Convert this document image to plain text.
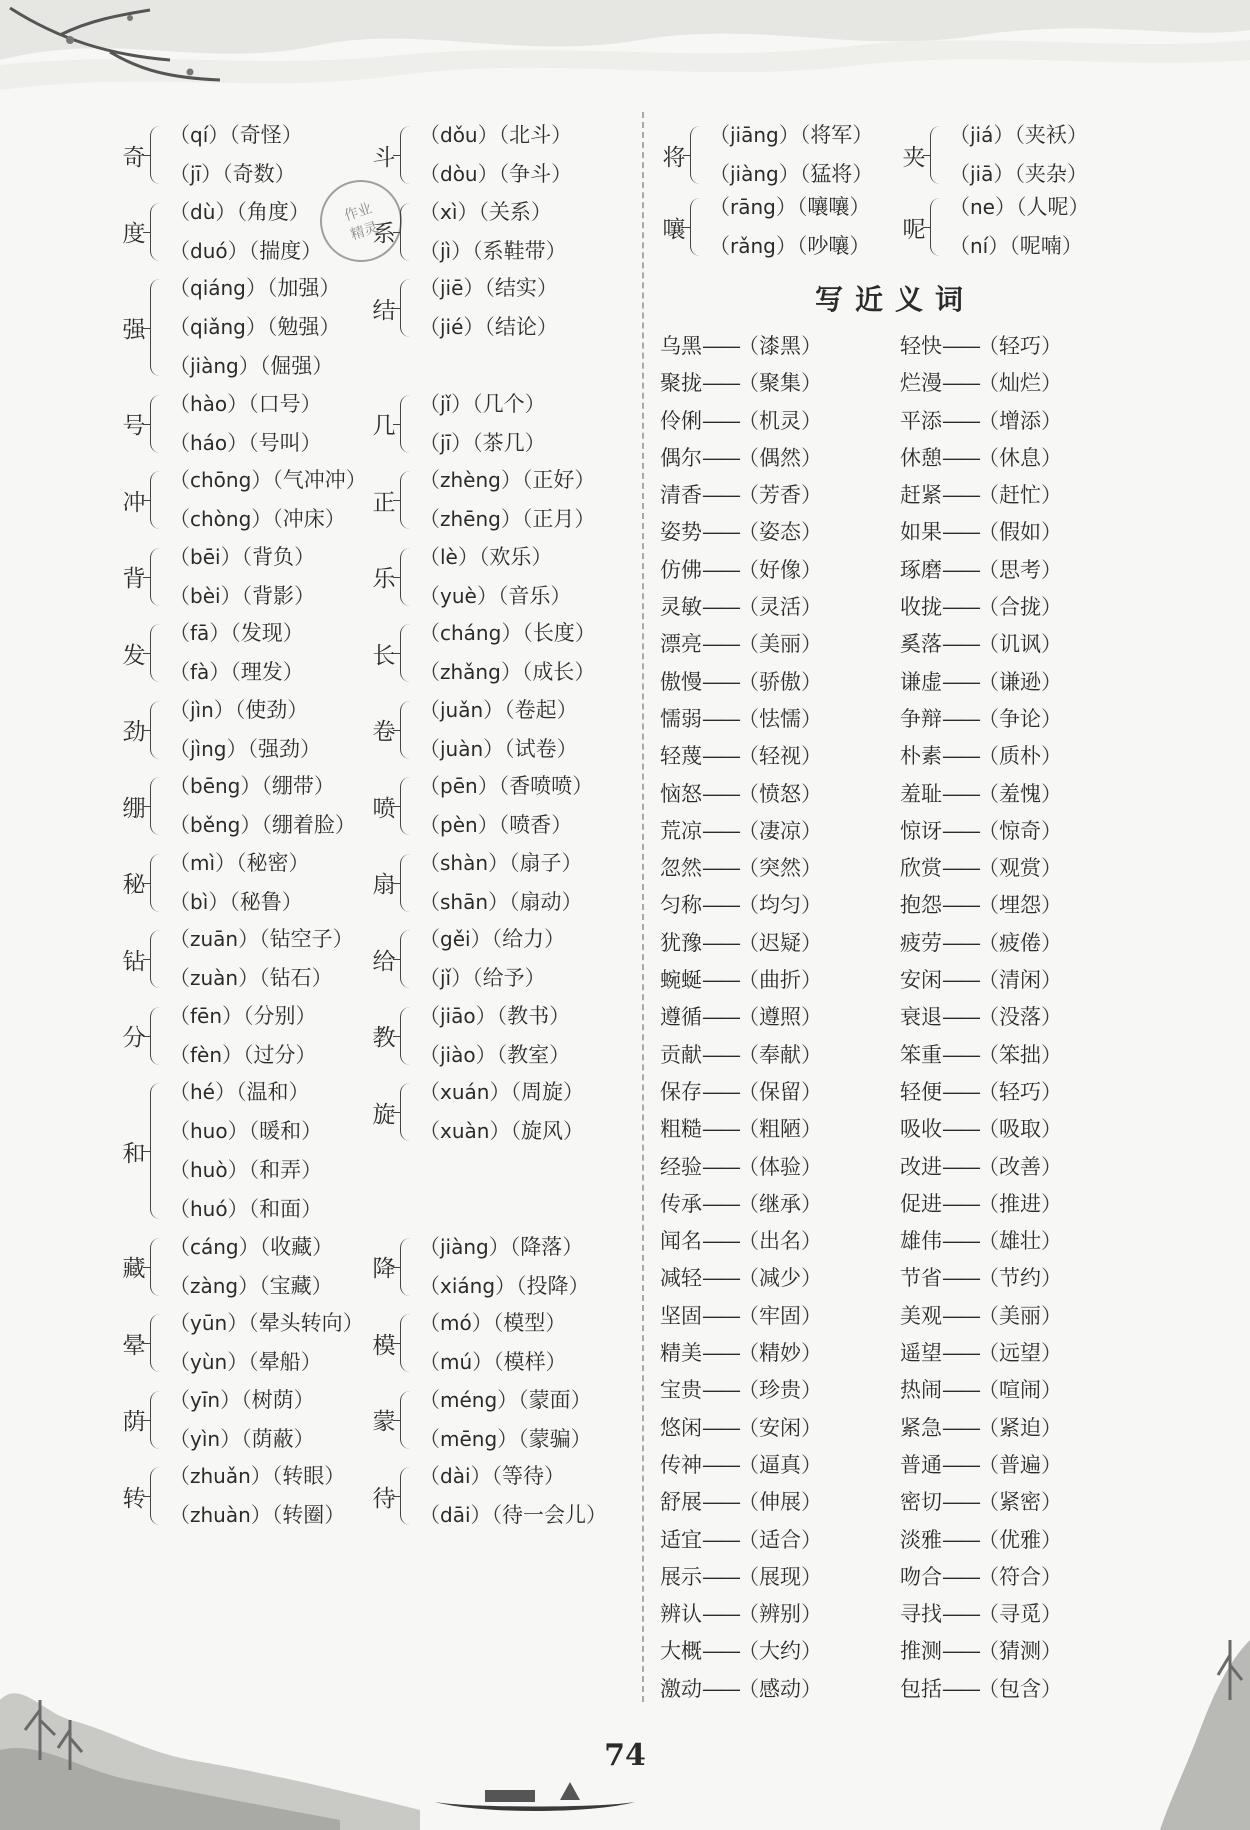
作业
精灵
奇
（qí）（奇怪）
（jī）（奇数）
斗
（dǒu）（北斗）
（dòu）（争斗）
度
（dù）（角度）
（duó）（揣度）
系
（xì）（关系）
（jì）（系鞋带）
强
（qiáng）（加强）
（qiǎng）（勉强）
（jiàng）（倔强）
结
（jiē）（结实）
（jié）（结论）
号
（hào）（口号）
（háo）（号叫）
几
（jǐ）（几个）
（jī）（茶几）
冲
（chōng）（气冲冲）
（chòng）（冲床）
正
（zhèng）（正好）
（zhēng）（正月）
背
（bēi）（背负）
（bèi）（背影）
乐
（lè）（欢乐）
（yuè）（音乐）
发
（fā）（发现）
（fà）（理发）
长
（cháng）（长度）
（zhǎng）（成长）
劲
（jìn）（使劲）
（jìng）（强劲）
卷
（juǎn）（卷起）
（juàn）（试卷）
绷
（bēng）（绷带）
（běng）（绷着脸）
喷
（pēn）（香喷喷）
（pèn）（喷香）
秘
（mì）（秘密）
（bì）（秘鲁）
扇
（shàn）（扇子）
（shān）（扇动）
钻
（zuān）（钻空子）
（zuàn）（钻石）
给
（gěi）（给力）
（jǐ）（给予）
分
（fēn）（分别）
（fèn）（过分）
教
（jiāo）（教书）
（jiào）（教室）
和
（hé）（温和）
（huo）（暖和）
（huò）（和弄）
（huó）（和面）
旋
（xuán）（周旋）
（xuàn）（旋风）
藏
（cáng）（收藏）
（zàng）（宝藏）
降
（jiàng）（降落）
（xiáng）（投降）
晕
（yūn）（晕头转向）
（yùn）（晕船）
模
（mó）（模型）
（mú）（模样）
荫
（yīn）（树荫）
（yìn）（荫蔽）
蒙
（méng）（蒙面）
（mēng）（蒙骗）
转
（zhuǎn）（转眼）
（zhuàn）（转圈）
待
（dài）（等待）
（dāi）（待一会儿）
将
（jiāng）（将军）
（jiàng）（猛将）
夹
（jiá）（夹袄）
（jiā）（夹杂）
嚷
（rāng）（嚷嚷）
（rǎng）（吵嚷）
呢
（ne）（人呢）
（ní）（呢喃）
写近义词
乌黑——（漆黑）	轻快——（轻巧）
聚拢——（聚集）	烂漫——（灿烂）
伶俐——（机灵）	平添——（增添）
偶尔——（偶然）	休憩——（休息）
清香——（芳香）	赶紧——（赶忙）
姿势——（姿态）	如果——（假如）
仿佛——（好像）	琢磨——（思考）
灵敏——（灵活）	收拢——（合拢）
漂亮——（美丽）	奚落——（讥讽）
傲慢——（骄傲）	谦虚——（谦逊）
懦弱——（怯懦）	争辩——（争论）
轻蔑——（轻视）	朴素——（质朴）
恼怒——（愤怒）	羞耻——（羞愧）
荒凉——（凄凉）	惊讶——（惊奇）
忽然——（突然）	欣赏——（观赏）
匀称——（均匀）	抱怨——（埋怨）
犹豫——（迟疑）	疲劳——（疲倦）
蜿蜒——（曲折）	安闲——（清闲）
遵循——（遵照）	衰退——（没落）
贡献——（奉献）	笨重——（笨拙）
保存——（保留）	轻便——（轻巧）
粗糙——（粗陋）	吸收——（吸取）
经验——（体验）	改进——（改善）
传承——（继承）	促进——（推进）
闻名——（出名）	雄伟——（雄壮）
减轻——（减少）	节省——（节约）
坚固——（牢固）	美观——（美丽）
精美——（精妙）	遥望——（远望）
宝贵——（珍贵）	热闹——（喧闹）
悠闲——（安闲）	紧急——（紧迫）
传神——（逼真）	普通——（普遍）
舒展——（伸展）	密切——（紧密）
适宜——（适合）	淡雅——（优雅）
展示——（展现）	吻合——（符合）
辨认——（辨别）	寻找——（寻觅）
大概——（大约）	推测——（猜测）
激动——（感动）	包括——（包含）
74
